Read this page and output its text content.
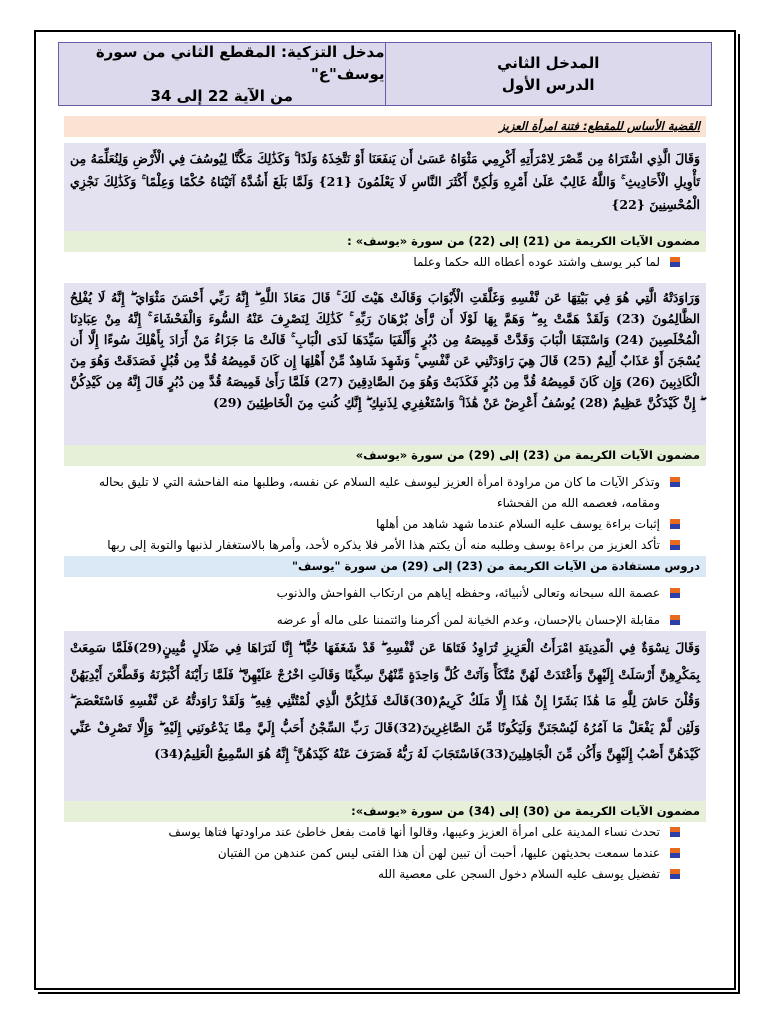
المدخل الثاني
الدرس الأول
مدخل التزكية: المقطع الثاني من سورة يوسف"ع"
من الآية 22 إلى 34
القضية الأساس للمقطع: فتنة امرأة العزيز

وَقَالَ الَّذِي اشْتَرَاهُ مِن مِّصْرَ لِامْرَأَتِهِ أَكْرِمِي مَثْوَاهُ عَسَىٰ أَن يَنفَعَنَا أَوْ نَتَّخِذَهُ وَلَدًا ۚ وَكَذَٰلِكَ مَكَّنَّا لِيُوسُفَ فِي الْأَرْضِ وَلِنُعَلِّمَهُ مِن تَأْوِيلِ الْأَحَادِيثِ ۚ وَاللَّهُ غَالِبٌ عَلَىٰ أَمْرِهِ وَلَٰكِنَّ أَكْثَرَ النَّاسِ لَا يَعْلَمُونَ {21} وَلَمَّا بَلَغَ أَشُدَّهُ آتَيْنَاهُ حُكْمًا وَعِلْمًا ۚ وَكَذَٰلِكَ نَجْزِي الْمُحْسِنِينَ {22}

مضمون الآيات الكريمة من (21) إلى (22) من سورة «يوسف» :
لما كبر يوسف واشتد عوده أعطاه الله حكما وعلما

وَرَاوَدَتْهُ الَّتِي هُوَ فِي بَيْتِهَا عَن نَّفْسِهِ وَغَلَّقَتِ الْأَبْوَابَ وَقَالَتْ هَيْتَ لَكَ ۚ قَالَ مَعَاذَ اللَّهِ ۖ إِنَّهُ رَبِّي أَحْسَنَ مَثْوَايَ ۖ إِنَّهُ لَا يُفْلِحُ الظَّالِمُونَ (23) وَلَقَدْ هَمَّتْ بِهِ ۖ وَهَمَّ بِهَا لَوْلَا أَن رَّأَىٰ بُرْهَانَ رَبِّهِ ۚ كَذَٰلِكَ لِنَصْرِفَ عَنْهُ السُّوءَ وَالْفَحْشَاءَ ۚ إِنَّهُ مِنْ عِبَادِنَا الْمُخْلَصِينَ (24) وَاسْتَبَقَا الْبَابَ وَقَدَّتْ قَمِيصَهُ مِن دُبُرٍ وَأَلْفَيَا سَيِّدَهَا لَدَى الْبَابِ ۚ قَالَتْ مَا جَزَاءُ مَنْ أَرَادَ بِأَهْلِكَ سُوءًا إِلَّا أَن يُسْجَنَ أَوْ عَذَابٌ أَلِيمٌ (25) قَالَ هِيَ رَاوَدَتْنِي عَن نَّفْسِي ۚ وَشَهِدَ شَاهِدٌ مِّنْ أَهْلِهَا إِن كَانَ قَمِيصُهُ قُدَّ مِن قُبُلٍ فَصَدَقَتْ وَهُوَ مِنَ الْكَاذِبِينَ (26) وَإِن كَانَ قَمِيصُهُ قُدَّ مِن دُبُرٍ فَكَذَبَتْ وَهُوَ مِنَ الصَّادِقِينَ (27) فَلَمَّا رَأَىٰ قَمِيصَهُ قُدَّ مِن دُبُرٍ قَالَ إِنَّهُ مِن كَيْدِكُنَّ ۖ إِنَّ كَيْدَكُنَّ عَظِيمٌ (28) يُوسُفُ أَعْرِضْ عَنْ هَٰذَا ۚ وَاسْتَغْفِرِي لِذَنبِكِ ۖ إِنَّكِ كُنتِ مِنَ الْخَاطِئِينَ (29)

مضمون الآيات الكريمة من (23) إلى (29) من سورة «يوسف»
وتذكر الآيات ما كان من مراودة امرأة العزيز ليوسف عليه السلام عن نفسه، وطلبها منه الفاحشة التي لا تليق بحاله ومقامه، فعصمه الله من الفحشاء
إثبات براءة يوسف عليه السلام عندما شهد شاهد من أهلها
تأكد العزيز من براءة يوسف وطلبه منه أن يكتم هذا الأمر فلا يذكره لأحد، وأمرها بالاستغفار لذنبها والتوبة إلى ربها
دروس مستفادة من الآيات الكريمة من (23) إلى (29) من سورة "يوسف"
عصمة الله سبحانه وتعالى لأنبيائه، وحفظه إياهم من ارتكاب الفواحش والذنوب
مقابلة الإحسان بالإحسان، وعدم الخيانة لمن أكرمنا وائتمننا على ماله أو عرضه

وَقَالَ نِسْوَةٌ فِي الْمَدِينَةِ امْرَأَتُ الْعَزِيزِ تُرَاوِدُ فَتَاهَا عَن نَّفْسِهِ ۖ قَدْ شَغَفَهَا حُبًّا ۖ إِنَّا لَنَرَاهَا فِي ضَلَالٍ مُّبِينٍ(29)فَلَمَّا سَمِعَتْ بِمَكْرِهِنَّ أَرْسَلَتْ إِلَيْهِنَّ وَأَعْتَدَتْ لَهُنَّ مُتَّكَأً وَآتَتْ كُلَّ وَاحِدَةٍ مِّنْهُنَّ سِكِّينًا وَقَالَتِ اخْرُجْ عَلَيْهِنَّ ۖ فَلَمَّا رَأَيْنَهُ أَكْبَرْنَهُ وَقَطَّعْنَ أَيْدِيَهُنَّ وَقُلْنَ حَاشَ لِلَّهِ مَا هَٰذَا بَشَرًا إِنْ هَٰذَا إِلَّا مَلَكٌ كَرِيمٌ(30)قَالَتْ فَذَٰلِكُنَّ الَّذِي لُمْتُنَّنِي فِيهِ ۖ وَلَقَدْ رَاوَدتُّهُ عَن نَّفْسِهِ فَاسْتَعْصَمَ ۖ وَلَئِن لَّمْ يَفْعَلْ مَا آمُرُهُ لَيُسْجَنَنَّ وَلَيَكُونًا مِّنَ الصَّاغِرِينَ(32)قَالَ رَبِّ السِّجْنُ أَحَبُّ إِلَيَّ مِمَّا يَدْعُونَنِي إِلَيْهِ ۖ وَإِلَّا تَصْرِفْ عَنِّي كَيْدَهُنَّ أَصْبُ إِلَيْهِنَّ وَأَكُن مِّنَ الْجَاهِلِينَ(33)فَاسْتَجَابَ لَهُ رَبُّهُ فَصَرَفَ عَنْهُ كَيْدَهُنَّ ۚ إِنَّهُ هُوَ السَّمِيعُ الْعَلِيمُ(34)

مضمون الآيات الكريمة من (30) إلى (34) من سورة «يوسف»:
تحدث نساء المدينة على امرأة العزيز وعيبها، وقالوا أنها قامت بفعل خاطئ عند مراودتها فتاها يوسف
عندما سمعت بحديثهن عليها، أحبت أن تبين لهن أن هذا الفتى ليس كمن عندهن من الفتيان
تفضيل يوسف عليه السلام دخول السجن على معصية الله
